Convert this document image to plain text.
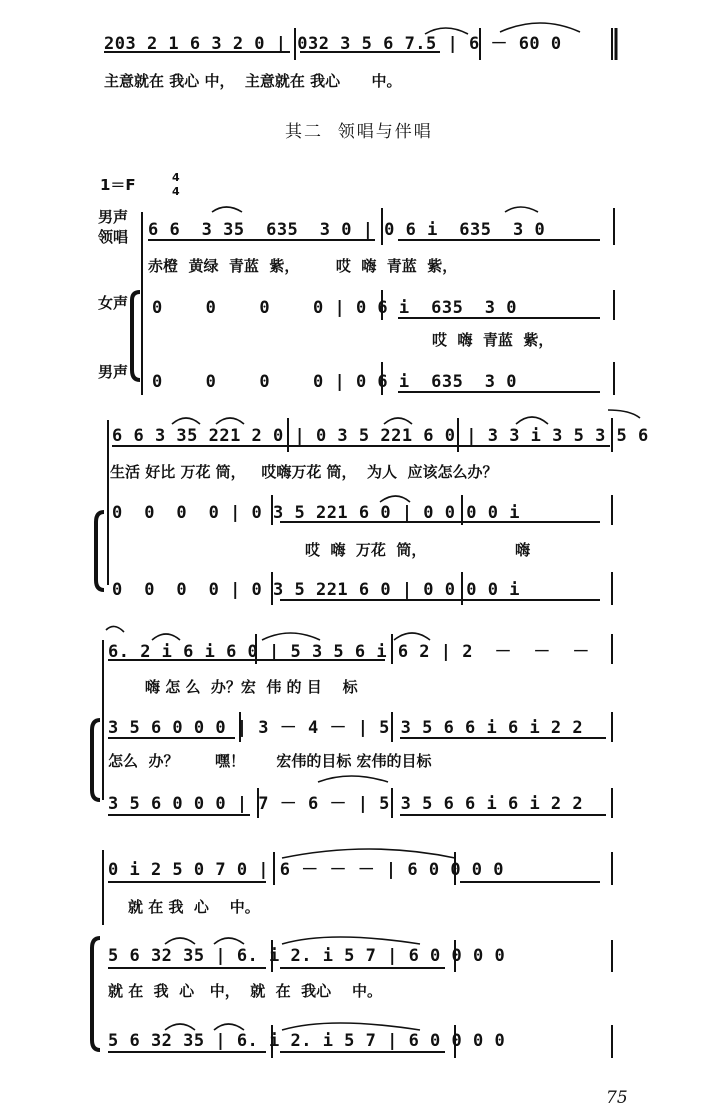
203 2 1 6 3 2 0 | 032 3 5 6 7.5 | 6 － 60 0
主意就在 我心 中，  主意就在 我心      中。
其二  领唱与伴唱
1＝F	4
4
男声
领唱
女声
男声
6 6  3 35  635  3 0 | 0 6 i  635  3 0
赤橙  黄绿  青蓝  紫，       哎  嗨  青蓝  紫，
0    0    0    0 | 0 6 i  635  3 0
哎  嗨  青蓝  紫，
0    0    0    0 | 0 6 i  635  3 0
6 6 3 35 221 2 0 | 0 3 5 221 6 0 | 3 3 i 3 5 3 5 6
生活 好比 万花 筒，   哎嗨万花 筒，  为人  应该怎么办？
0  0  0  0 | 0 3 5 221 6 0 | 0 0 0 0 i
哎  嗨  万花  筒，                 嗨
0  0  0  0 | 0 3 5 221 6 0 | 0 0 0 0 i
6. 2 i 6 i 6 0 | 5 3 5 6 i 6 2 | 2  －  －  －
嗨 怎 么  办？宏  伟 的 目    标
3 5 6 0 0 0 | 3 － 4 － | 5 3 5 6 6 i 6 i 2 2
怎么  办？       嘿！      宏伟的目标 宏伟的目标
3 5 6 0 0 0 | 7 － 6 － | 5 3 5 6 6 i 6 i 2 2
0 i 2 5 0 7 0 | 6 － － － | 6 0 0 0 0
就 在 我  心    中。
5 6 32 35 | 6. i 2. i 5 7 | 6 0 0 0 0
就 在  我  心   中，  就  在  我心    中。
5 6 32 35 | 6. i 2. i 5 7 | 6 0 0 0 0
75
